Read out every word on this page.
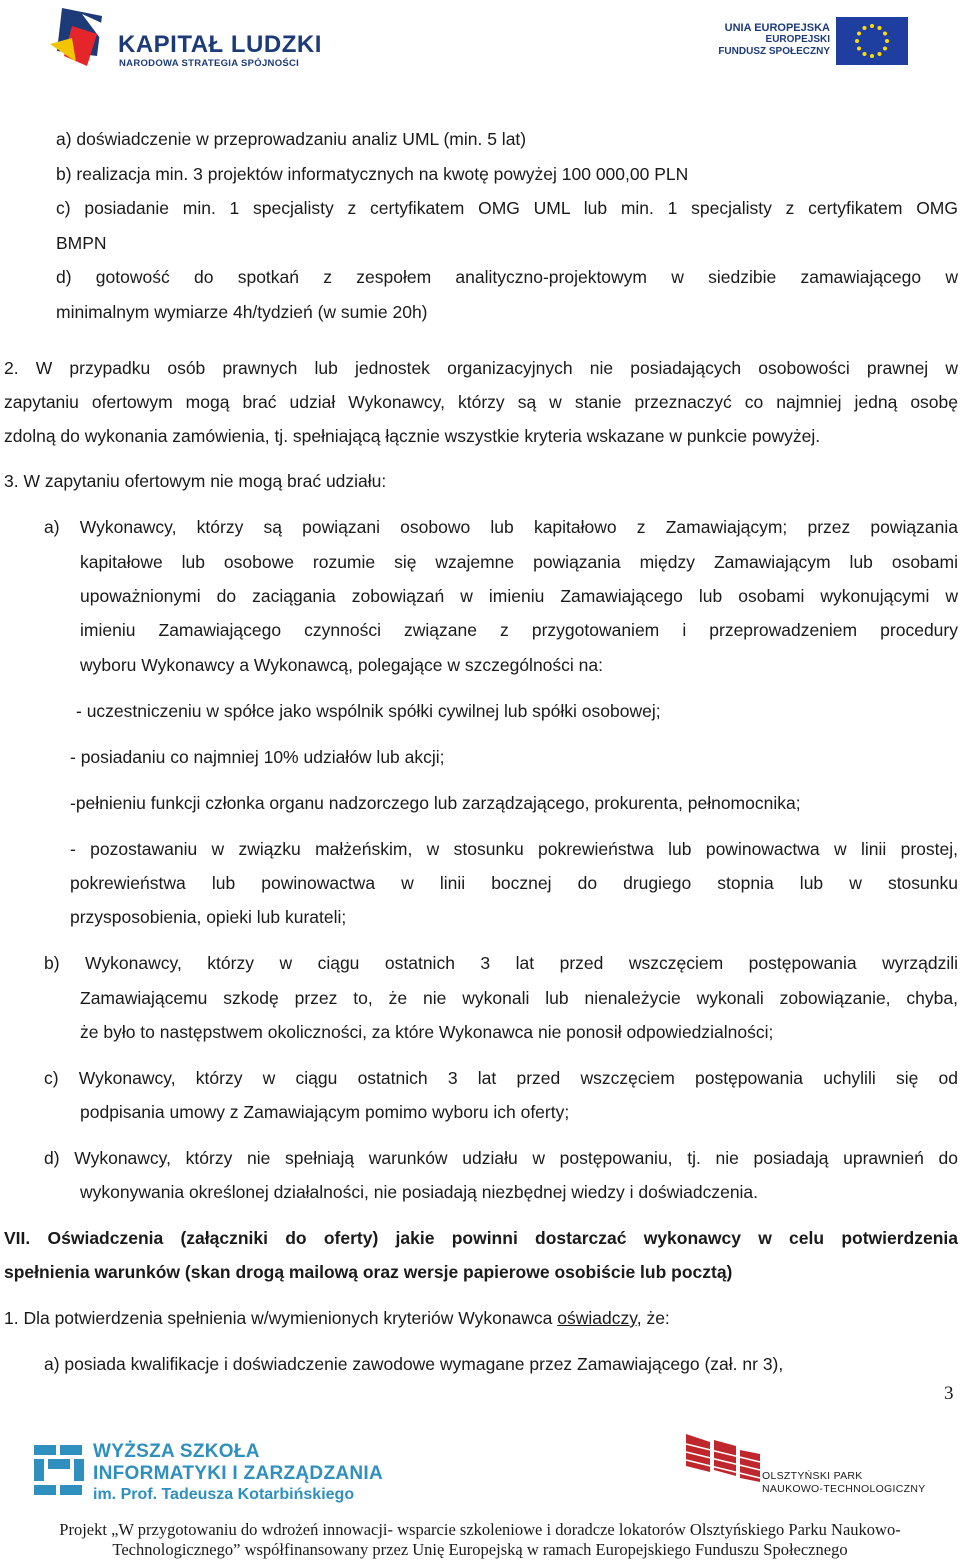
KAPITAŁ LUDZKI
NARODOWA STRATEGIA SPÓJNOŚCI
UNIA EUROPEJSKA
EUROPEJSKI
FUNDUSZ SPOŁECZNY
a) doświadczenie w przeprowadzaniu analiz UML (min. 5 lat)
b) realizacja min. 3 projektów informatycznych na kwotę powyżej 100 000,00 PLN
c) posiadanie min. 1 specjalisty z certyfikatem OMG UML lub min. 1 specjalisty z certyfikatem OMG
BMPN
d) gotowość do spotkań z zespołem analityczno-projektowym w siedzibie zamawiającego w
minimalnym wymiarze 4h/tydzień (w sumie 20h)
2. W przypadku osób prawnych lub jednostek organizacyjnych nie posiadających osobowości prawnej w
zapytaniu ofertowym mogą brać udział Wykonawcy, którzy są w stanie przeznaczyć co najmniej jedną osobę
zdolną do wykonania zamówienia, tj. spełniającą łącznie wszystkie kryteria wskazane w punkcie powyżej.
3. W zapytaniu ofertowym nie mogą brać udziału:
a) Wykonawcy, którzy są powiązani osobowo lub kapitałowo z Zamawiającym; przez powiązania
kapitałowe lub osobowe rozumie się wzajemne powiązania między Zamawiającym lub osobami
upoważnionymi do zaciągania zobowiązań w imieniu Zamawiającego lub osobami wykonującymi w
imieniu Zamawiającego czynności związane z przygotowaniem i przeprowadzeniem procedury
wyboru Wykonawcy a Wykonawcą, polegające w szczególności na:
- uczestniczeniu w spółce jako wspólnik spółki cywilnej lub spółki osobowej;
- posiadaniu co najmniej 10% udziałów lub akcji;
-pełnieniu funkcji członka organu nadzorczego lub zarządzającego, prokurenta, pełnomocnika;
- pozostawaniu w związku małżeńskim, w stosunku pokrewieństwa lub powinowactwa w linii prostej,
pokrewieństwa lub powinowactwa w linii bocznej do drugiego stopnia lub w stosunku
przysposobienia, opieki lub kurateli;
b) Wykonawcy, którzy w ciągu ostatnich 3 lat przed wszczęciem postępowania wyrządzili
Zamawiającemu szkodę przez to, że nie wykonali lub nienależycie wykonali zobowiązanie, chyba,
że było to następstwem okoliczności, za które Wykonawca nie ponosił odpowiedzialności;
c) Wykonawcy, którzy w ciągu ostatnich 3 lat przed wszczęciem postępowania uchylili się od
podpisania umowy z Zamawiającym pomimo wyboru ich oferty;
d) Wykonawcy, którzy nie spełniają warunków udziału w postępowaniu, tj. nie posiadają uprawnień do
wykonywania określonej działalności, nie posiadają niezbędnej wiedzy i doświadczenia.
VII. Oświadczenia (załączniki do oferty) jakie powinni dostarczać wykonawcy w celu potwierdzenia
spełnienia warunków (skan drogą mailową oraz wersje papierowe osobiście lub pocztą)
1. Dla potwierdzenia spełnienia w/wymienionych kryteriów Wykonawca oświadczy, że:
a) posiada kwalifikacje i doświadczenie zawodowe wymagane przez Zamawiającego (zał. nr 3),
3
WYŻSZA SZKOŁA
INFORMATYKI I ZARZĄDZANIA
im. Prof. Tadeusza Kotarbińskiego
OLSZTYŃSKI PARK
NAUKOWO-TECHNOLOGICZNY
Projekt „W przygotowaniu do wdrożeń innowacji- wsparcie szkoleniowe i doradcze lokatorów Olsztyńskiego Parku Naukowo-
Technologicznego” współfinansowany przez Unię Europejską w ramach Europejskiego Funduszu Społecznego
